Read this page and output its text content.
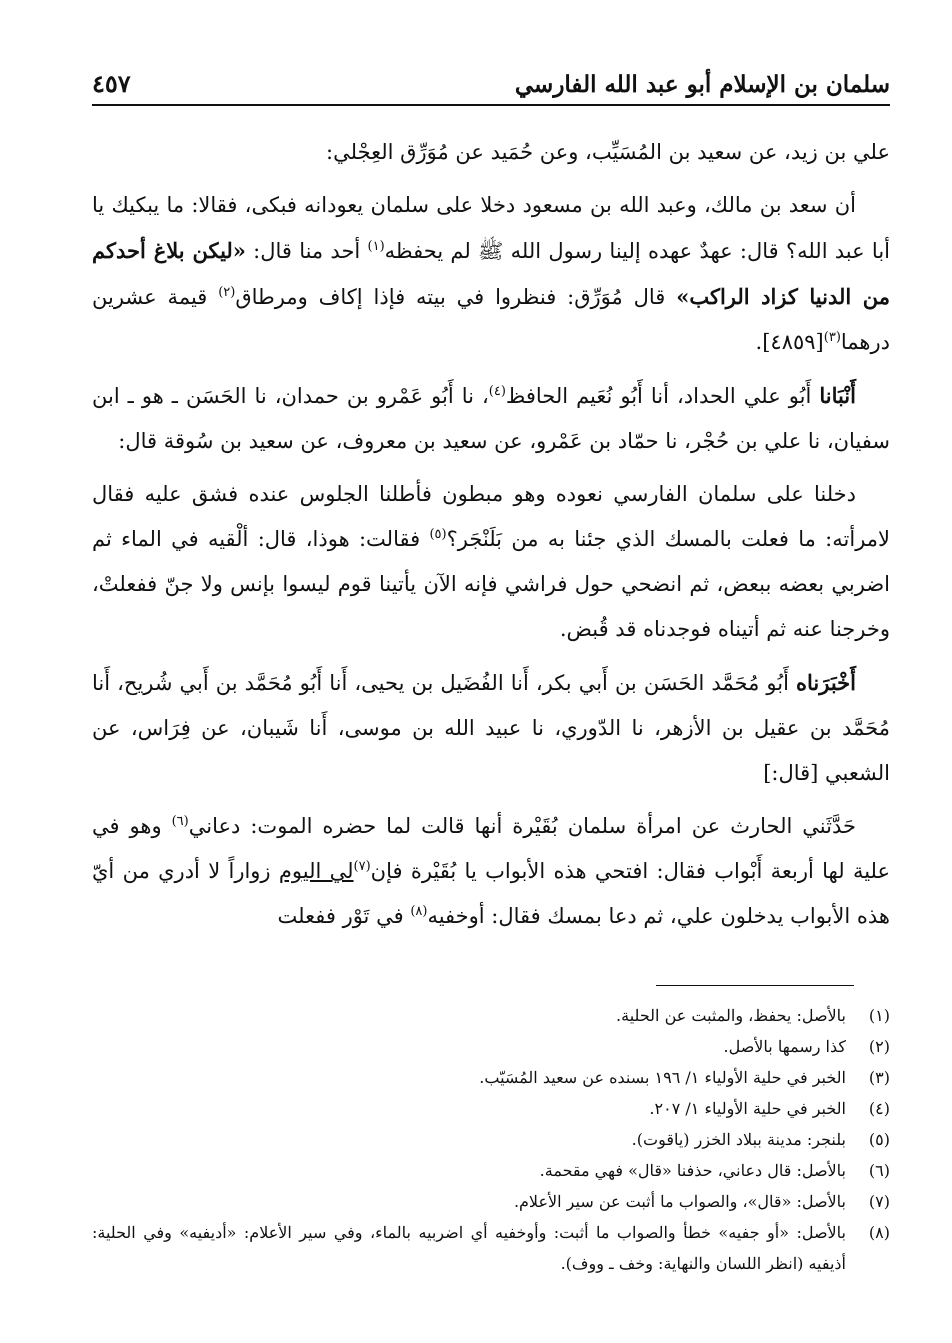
سلمان بن الإسلام أبو عبد الله الفارسي
٤٥٧

علي بن زيد، عن سعيد بن المُسَيِّب، وعن حُمَيد عن مُوَرِّق العِجْلي:

أن سعد بن مالك، وعبد الله بن مسعود دخلا على سلمان يعودانه فبكى، فقالا: ما يبكيك يا أبا عبد الله؟ قال: عهدٌ عهده إلينا رسول الله ﷺ لم يحفظه$^{(١)}$ أحد منا قال: «ليكن بلاغ أحدكم من الدنيا كزاد الراكب» قال مُوَرِّق: فنظروا في بيته فإذا إكاف ومرطاق$^{(٢)}$ قيمة عشرين درهما$^{(٣)}$[٤٨٥٩].

أَنْبَانا أَبُو علي الحداد، أنا أَبُو نُعَيم الحافظ$^{(٤)}$، نا أَبُو عَمْرو بن حمدان، نا الحَسَن ـ هو ـ ابن سفيان، نا علي بن حُجْر، نا حمّاد بن عَمْرو، عن سعيد بن معروف، عن سعيد بن سُوقة قال:

دخلنا على سلمان الفارسي نعوده وهو مبطون فأطلنا الجلوس عنده فشق عليه فقال لامرأته: ما فعلت بالمسك الذي جئنا به من بَلَنْجَر؟$^{(٥)}$ فقالت: هوذا، قال: ألْقيه في الماء ثم اضربي بعضه ببعض، ثم انضحي حول فراشي فإنه الآن يأتينا قوم ليسوا بإنس ولا جنّ ففعلتْ، وخرجنا عنه ثم أتيناه فوجدناه قد قُبض.

أَخْبَرَناه أَبُو مُحَمَّد الحَسَن بن أَبي بكر، أَنا الفُضَيل بن يحيى، أَنا أَبُو مُحَمَّد بن أَبي شُريح، أَنا مُحَمَّد بن عقيل بن الأزهر، نا الدّوري، نا عبيد الله بن موسى، أَنا شَيبان، عن فِرَاس، عن الشعبي [قال:]

حَدَّثَني الحارث عن امرأة سلمان بُقَيْرة أنها قالت لما حضره الموت: دعاني$^{(٦)}$ وهو في علية لها أربعة أَبْواب فقال: افتحي هذه الأبواب يا بُقَيْرة فإن$^{(٧)}$لي اليوم زواراً لا أدري من أيّ هذه الأبواب يدخلون علي، ثم دعا بمسك فقال: أوخفيه$^{(٨)}$ في تَوْر ففعلت

(١)
بالأصل: يحفظ، والمثبت عن الحلية.
(٢)
كذا رسمها بالأصل.
(٣)
الخبر في حلية الأولياء ١/ ١٩٦ بسنده عن سعيد المُسَيّب.
(٤)
الخبر في حلية الأولياء ١/ ٢٠٧.
(٥)
بلنجر: مدينة ببلاد الخزر (ياقوت).
(٦)
بالأصل: قال دعاني، حذفنا «قال» فهي مقحمة.
(٧)
بالأصل: «قال»، والصواب ما أثبت عن سير الأعلام.
(٨)
بالأصل: «أو جفيه» خطأ والصواب ما أثبت: وأوخفيه أي اضربيه بالماء، وفي سير الأعلام: «أديفيه» وفي الحلية: أذيفيه (انظر اللسان والنهاية: وخف ـ ووف).
